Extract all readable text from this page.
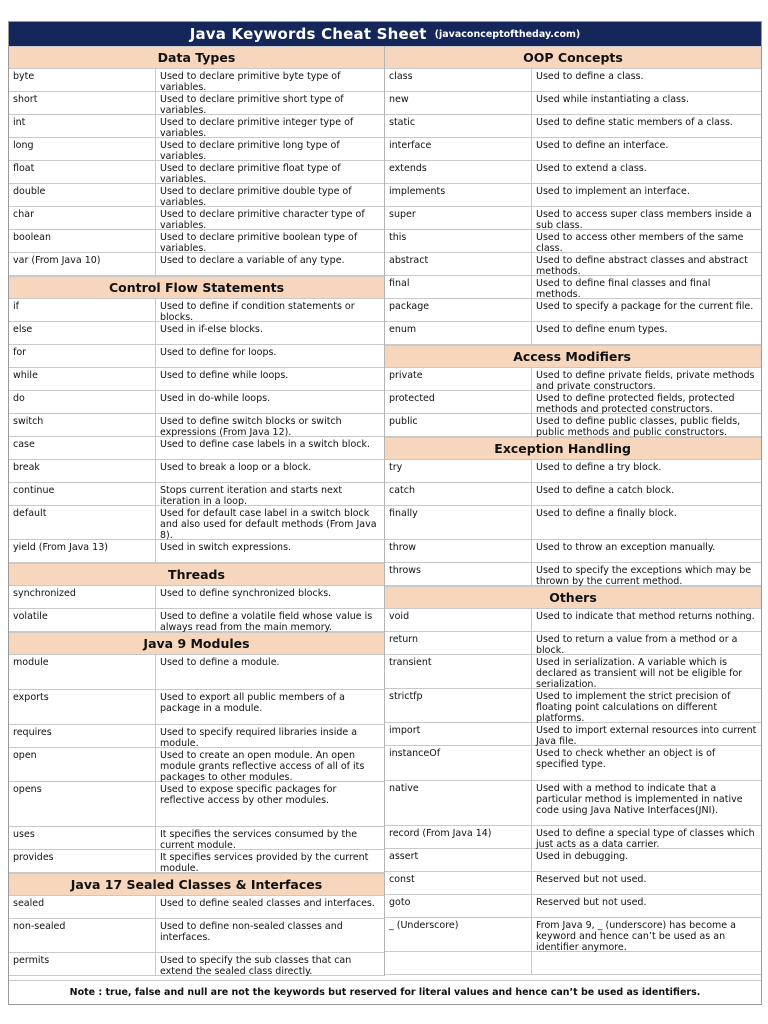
Java Keywords Cheat Sheet (javaconceptoftheday.com)
Data Types
byte	Used to declare primitive byte type of variables.
short	Used to declare primitive short type of variables.
int	Used to declare primitive integer type of variables.
long	Used to declare primitive long type of variables.
float	Used to declare primitive float type of variables.
double	Used to declare primitive double type of variables.
char	Used to declare primitive character type of variables.
boolean	Used to declare primitive boolean type of variables.
var (From Java 10)	Used to declare a variable of any type.
Control Flow Statements
if	Used to define if condition statements or blocks.
else	Used in if-else blocks.
for	Used to define for loops.
while	Used to define while loops.
do	Used in do-while loops.
switch	Used to define switch blocks or switch expressions (From Java 12).
case	Used to define case labels in a switch block.
break	Used to break a loop or a block.
continue	Stops current iteration and starts next iteration in a loop.
default	Used for default case label in a switch block and also used for default methods (From Java 8).
yield (From Java 13)	Used in switch expressions.
Threads
synchronized	Used to define synchronized blocks.
volatile	Used to define a volatile field whose value is always read from the main memory.
Java 9 Modules
module	Used to define a module.
exports	Used to export all public members of a package in a module.
requires	Used to specify required libraries inside a module.
open	Used to create an open module. An open module grants reflective access of all of its packages to other modules.
opens	Used to expose specific packages for reflective access by other modules.
uses	It specifies the services consumed by the current module.
provides	It specifies services provided by the current module.
Java 17 Sealed Classes & Interfaces
sealed	Used to define sealed classes and interfaces.
non-sealed	Used to define non-sealed classes and interfaces.
permits	Used to specify the sub classes that can extend the sealed class directly.
OOP Concepts
class	Used to define a class.
new	Used while instantiating a class.
static	Used to define static members of a class.
interface	Used to define an interface.
extends	Used to extend a class.
implements	Used to implement an interface.
super	Used to access super class members inside a sub class.
this	Used to access other members of the same class.
abstract	Used to define abstract classes and abstract methods.
final	Used to define final classes and final methods.
package	Used to specify a package for the current file.
enum	Used to define enum types.
Access Modifiers
private	Used to define private fields, private methods and private constructors.
protected	Used to define protected fields, protected methods and protected constructors.
public	Used to define public classes, public fields, public methods and public constructors.
Exception Handling
try	Used to define a try block.
catch	Used to define a catch block.
finally	Used to define a finally block.
throw	Used to throw an exception manually.
throws	Used to specify the exceptions which may be thrown by the current method.
Others
void	Used to indicate that method returns nothing.
return	Used to return a value from a method or a block.
transient	Used in serialization. A variable which is declared as transient will not be eligible for serialization.
strictfp	Used to implement the strict precision of floating point calculations on different platforms.
import	Used to import external resources into current Java file.
instanceOf	Used to check whether an object is of specified type.
native	Used with a method to indicate that a particular method is implemented in native code using Java Native Interfaces(JNI).
record (From Java 14)	Used to define a special type of classes which just acts as a data carrier.
assert	Used in debugging.
const	Reserved but not used.
goto	Reserved but not used.
_ (Underscore)	From Java 9, _ (underscore) has become a keyword and hence can’t be used as an identifier anymore.
Note : true, false and null are not the keywords but reserved for literal values and hence can’t be used as identifiers.
